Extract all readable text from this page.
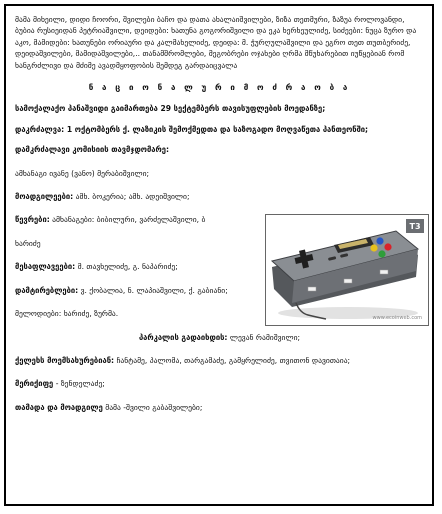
მამა მიხეილი, დიდი ჩოორი, შვილები ბაჩო და დათა ახალაიშვილები, ზიზა თეთმური, ზაზუა როლოვანდი, ბუბია რუსიეიდან პეტრიაშვილი, დეიდები: ხათუნა გოგორიშვილი და ეკა ხერხეულიძე, სიძეები: ნუცა ზურო და აკო, მამიდები: ხათუნები ორიაური და კალმახელიძე, დეიდა: მ. ჭურღულაშვილი და ეგრო თეთ თუთბერიძე, დეიდაშვილები, მამიდაშვილები,.. თანამშრომლები, მეგობრები ოჯახები ღრმა მწუხარებით იუწყებიან რომ ხანგრძლივი და მძიმე ავადმყოფობის შემდეგ გარდაიცვალა

ნ ა ც ი ო ნ ა ლ უ რ ი მ ო ძ რ ა ო ბ ა

სამოქალაქო პანაშვიდი გაიმართება 29 სექტემბერს თავისუფლების მოედანზე;

დაკრძალვა: 1 ოქტომბერს ქ. ლაზიკის შემოქმედთა და საზოგადო მოღვაწეთა პანთეონში;

დამკრძალავი კომისიის თავმჯდომარე:

ამხანაგი ივანე (ვანო) მერაბიშვილი;

მოადგილეები: ამხ. ბოკერია; ამხ. ადეიშვილი;

წევრები: ამხანაგები: ბიბილური, ვარძელაშვილი, ბ

ხარიძე

მესაფლავეები: მ. თავხელიძე, გ. ნაპარიძე;

დამტირებლები: ვ. ქობალია, ნ. ლაპიაშვილი, ქ. გაბიანი;

მელოდიები: ხარიძე, ზურმა.

პარკალის გადაიხდის: ლევან რამიშვილი;

ქელეხს მოემსახურებიან: ჩანტამე, პალომა, თარგამაძე, გამყრელიძე, თვითონ დავითაია;

მერიქიფე - ზენდელაძე;

თამადა და მოადგილე მამა -შვილი გაბაშვილები;

T3
www.ecoinweb.com
